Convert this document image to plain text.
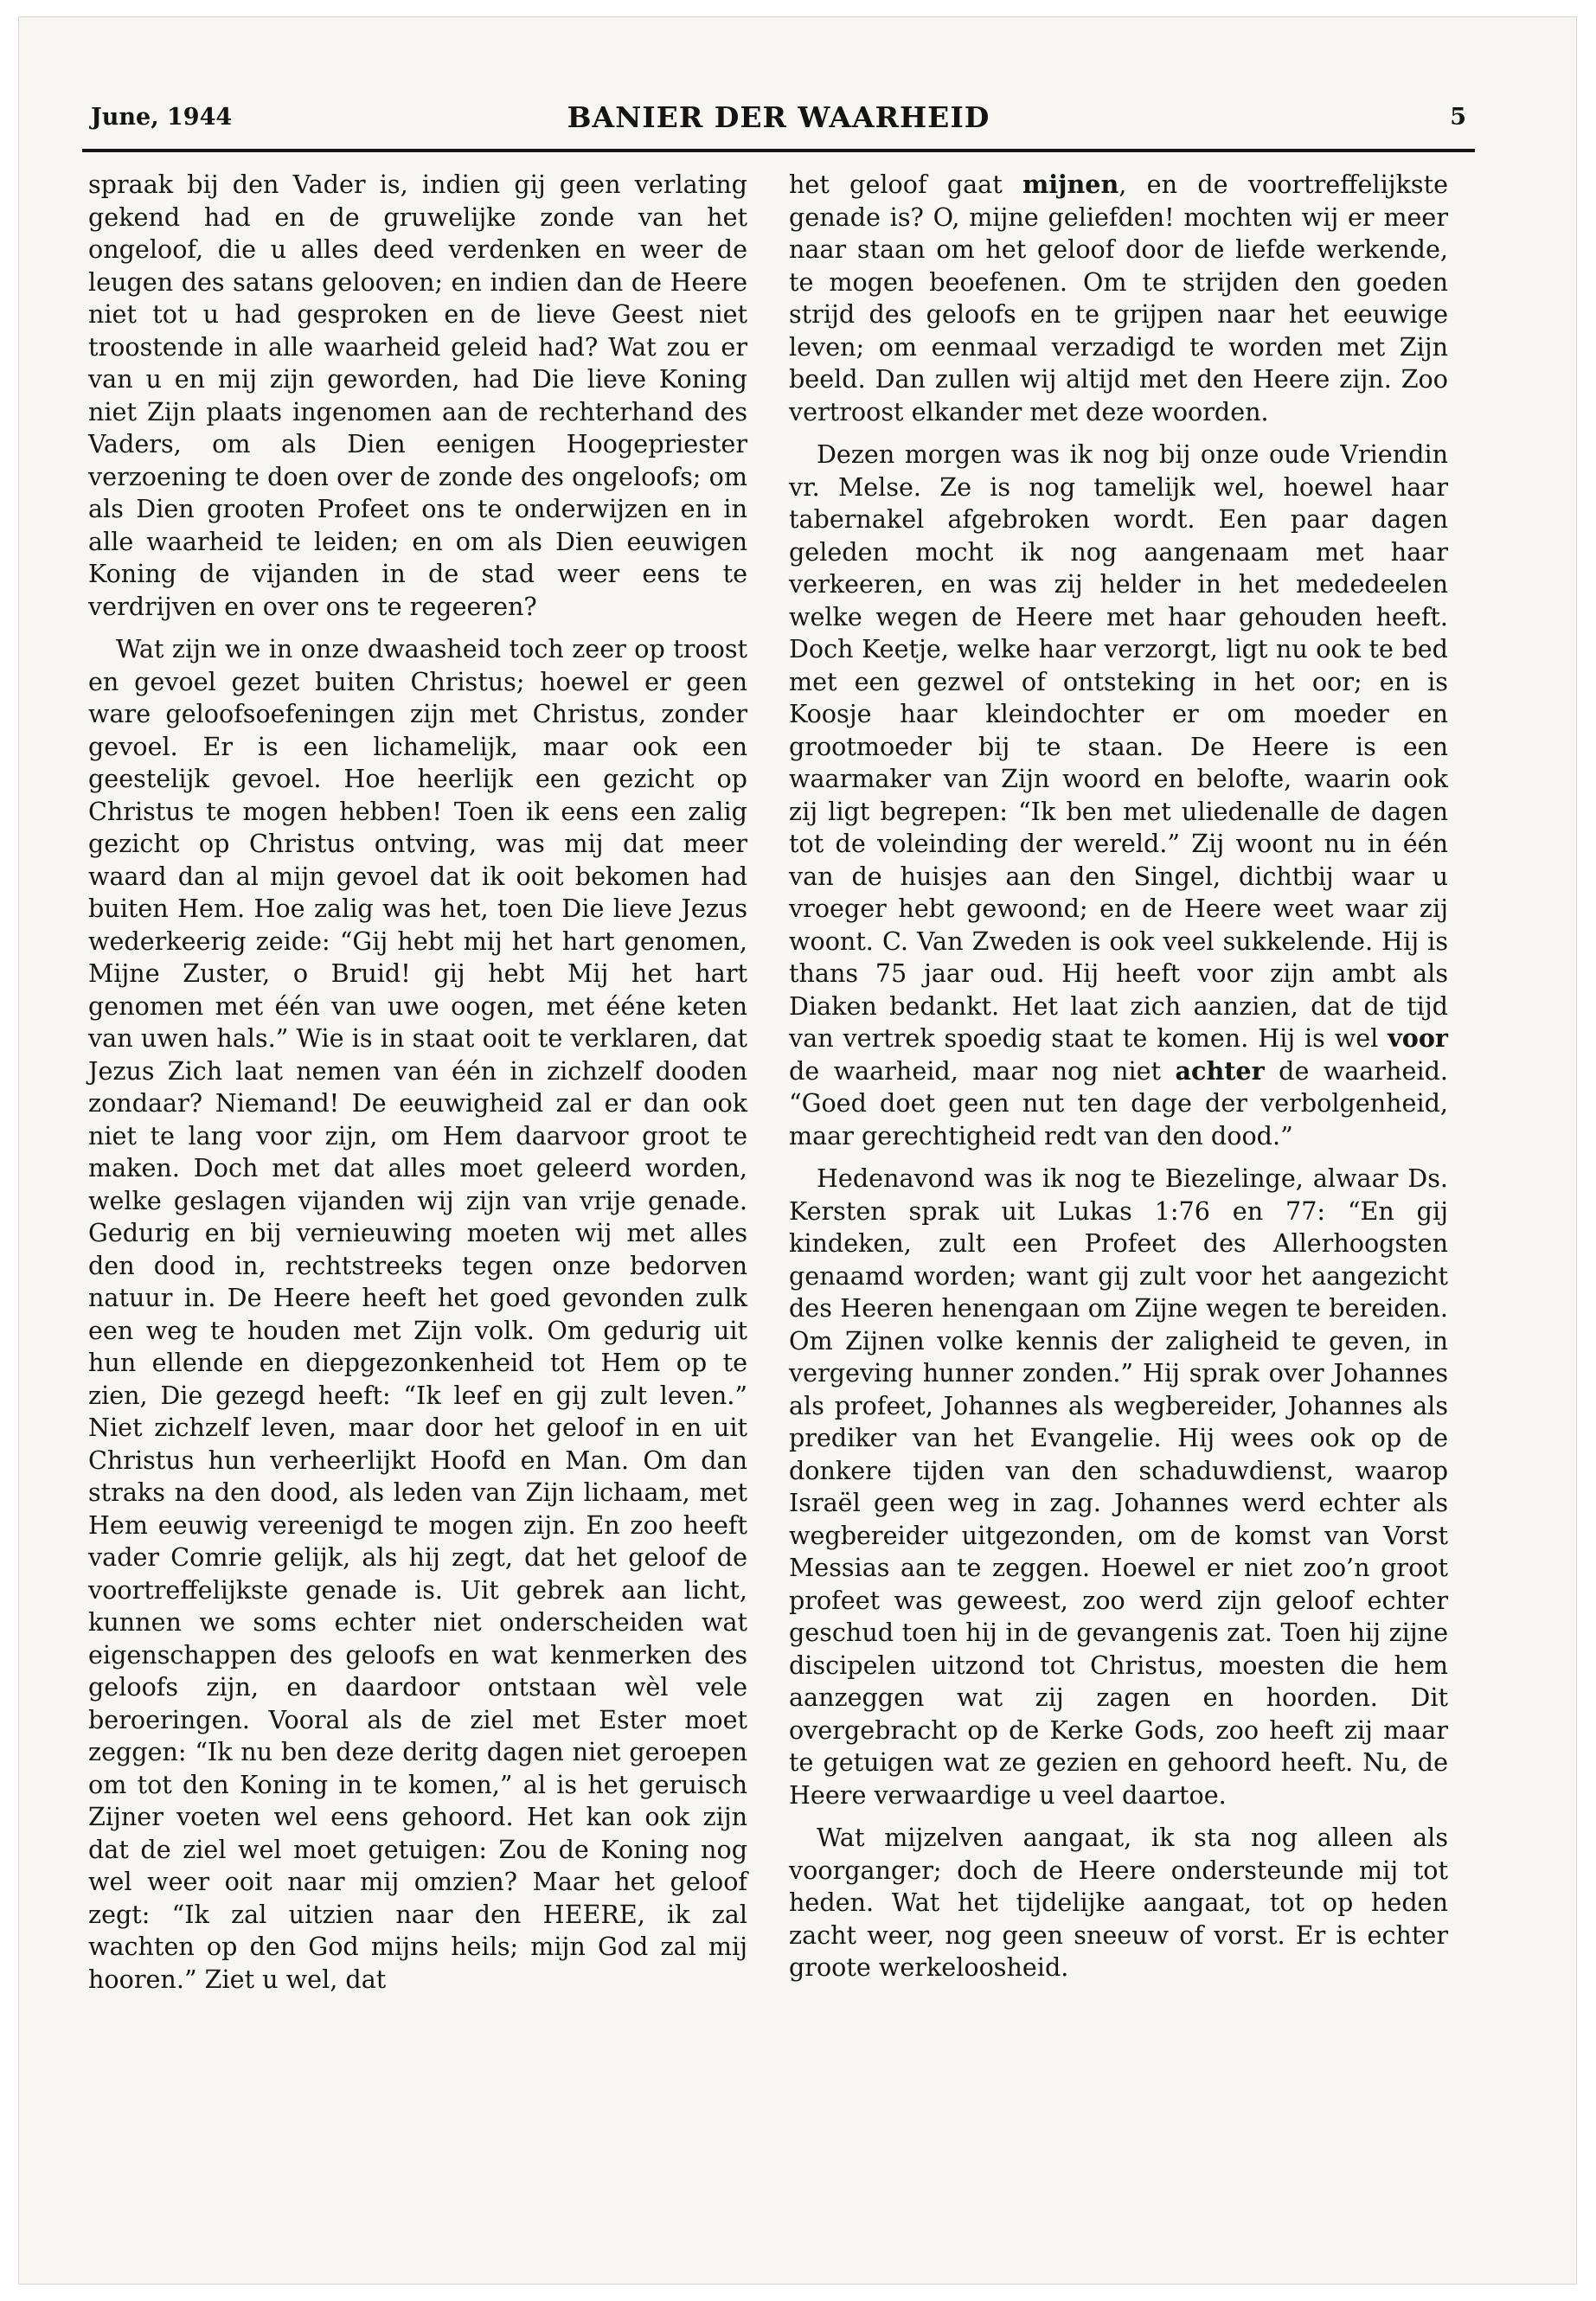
June, 1944	BANIER DER WAARHEID	5

spraak bij den Vader is, indien gij geen verlating gekend had en de gruwelijke zonde van het ongeloof, die u alles deed verdenken en weer de leugen des satans gelooven; en indien dan de Heere niet tot u had gesproken en de lieve Geest niet troostende in alle waarheid geleid had? Wat zou er van u en mij zijn geworden, had Die lieve Koning niet Zijn plaats ingenomen aan de rechterhand des Vaders, om als Dien eenigen Hoogepriester verzoening te doen over de zonde des ongeloofs; om als Dien grooten Profeet ons te onderwijzen en in alle waarheid te leiden; en om als Dien eeuwigen Koning de vijanden in de stad weer eens te verdrijven en over ons te regeeren?

Wat zijn we in onze dwaasheid toch zeer op troost en gevoel gezet buiten Christus; hoewel er geen ware geloofsoefeningen zijn met Christus, zonder gevoel. Er is een lichamelijk, maar ook een geestelijk gevoel. Hoe heerlijk een gezicht op Christus te mogen hebben! Toen ik eens een zalig gezicht op Christus ontving, was mij dat meer waard dan al mijn gevoel dat ik ooit bekomen had buiten Hem. Hoe zalig was het, toen Die lieve Jezus wederkeerig zeide: “Gij hebt mij het hart genomen, Mijne Zuster, o Bruid! gij hebt Mij het hart genomen met één van uwe oogen, met ééne keten van uwen hals.” Wie is in staat ooit te verklaren, dat Jezus Zich laat nemen van één in zichzelf dooden zondaar? Niemand! De eeuwigheid zal er dan ook niet te lang voor zijn, om Hem daarvoor groot te maken. Doch met dat alles moet geleerd worden, welke geslagen vijanden wij zijn van vrije genade. Gedurig en bij vernieuwing moeten wij met alles den dood in, rechtstreeks tegen onze bedorven natuur in. De Heere heeft het goed gevonden zulk een weg te houden met Zijn volk. Om gedurig uit hun ellende en diepgezonkenheid tot Hem op te zien, Die gezegd heeft: “Ik leef en gij zult leven.” Niet zichzelf leven, maar door het geloof in en uit Christus hun verheerlijkt Hoofd en Man. Om dan straks na den dood, als leden van Zijn lichaam, met Hem eeuwig vereenigd te mogen zijn. En zoo heeft vader Comrie gelijk, als hij zegt, dat het geloof de voortreffelijkste genade is. Uit gebrek aan licht, kunnen we soms echter niet onderscheiden wat eigenschappen des geloofs en wat kenmerken des geloofs zijn, en daardoor ontstaan wèl vele beroeringen. Vooral als de ziel met Ester moet zeggen: “Ik nu ben deze deritg dagen niet geroepen om tot den Koning in te komen,” al is het geruisch Zijner voeten wel eens gehoord. Het kan ook zijn dat de ziel wel moet getuigen: Zou de Koning nog wel weer ooit naar mij omzien? Maar het geloof zegt: “Ik zal uitzien naar den HEERE, ik zal wachten op den God mijns heils; mijn God zal mij hooren.” Ziet u wel, dat

het geloof gaat mijnen, en de voortreffelijkste genade is? O, mijne geliefden! mochten wij er meer naar staan om het geloof door de liefde werkende, te mogen beoefenen. Om te strijden den goeden strijd des geloofs en te grijpen naar het eeuwige leven; om eenmaal verzadigd te worden met Zijn beeld. Dan zullen wij altijd met den Heere zijn. Zoo vertroost elkander met deze woorden.

Dezen morgen was ik nog bij onze oude Vriendin vr. Melse. Ze is nog tamelijk wel, hoewel haar tabernakel afgebroken wordt. Een paar dagen geleden mocht ik nog aangenaam met haar verkeeren, en was zij helder in het mededeelen welke wegen de Heere met haar gehouden heeft. Doch Keetje, welke haar verzorgt, ligt nu ook te bed met een gezwel of ontsteking in het oor; en is Koosje haar kleindochter er om moeder en grootmoeder bij te staan. De Heere is een waarmaker van Zijn woord en belofte, waarin ook zij ligt begrepen: “Ik ben met uliedenalle de dagen tot de voleinding der wereld.” Zij woont nu in één van de huisjes aan den Singel, dichtbij waar u vroeger hebt gewoond; en de Heere weet waar zij woont. C. Van Zweden is ook veel sukkelende. Hij is thans 75 jaar oud. Hij heeft voor zijn ambt als Diaken bedankt. Het laat zich aanzien, dat de tijd van vertrek spoedig staat te komen. Hij is wel voor de waarheid, maar nog niet achter de waarheid. “Goed doet geen nut ten dage der verbolgenheid, maar gerechtigheid redt van den dood.”

Hedenavond was ik nog te Biezelinge, alwaar Ds. Kersten sprak uit Lukas 1:76 en 77: “En gij kindeken, zult een Profeet des Allerhoogsten genaamd worden; want gij zult voor het aangezicht des Heeren henengaan om Zijne wegen te bereiden. Om Zijnen volke kennis der zaligheid te geven, in vergeving hunner zonden.” Hij sprak over Johannes als profeet, Johannes als wegbereider, Johannes als prediker van het Evangelie. Hij wees ook op de donkere tijden van den schaduwdienst, waarop Israël geen weg in zag. Johannes werd echter als wegbereider uitgezonden, om de komst van Vorst Messias aan te zeggen. Hoewel er niet zoo’n groot profeet was geweest, zoo werd zijn geloof echter geschud toen hij in de gevangenis zat. Toen hij zijne discipelen uitzond tot Christus, moesten die hem aanzeggen wat zij zagen en hoorden. Dit overgebracht op de Kerke Gods, zoo heeft zij maar te getuigen wat ze gezien en gehoord heeft. Nu, de Heere verwaardige u veel daartoe.

Wat mijzelven aangaat, ik sta nog alleen als voorganger; doch de Heere ondersteunde mij tot heden. Wat het tijdelijke aangaat, tot op heden zacht weer, nog geen sneeuw of vorst. Er is echter groote werkeloosheid.
